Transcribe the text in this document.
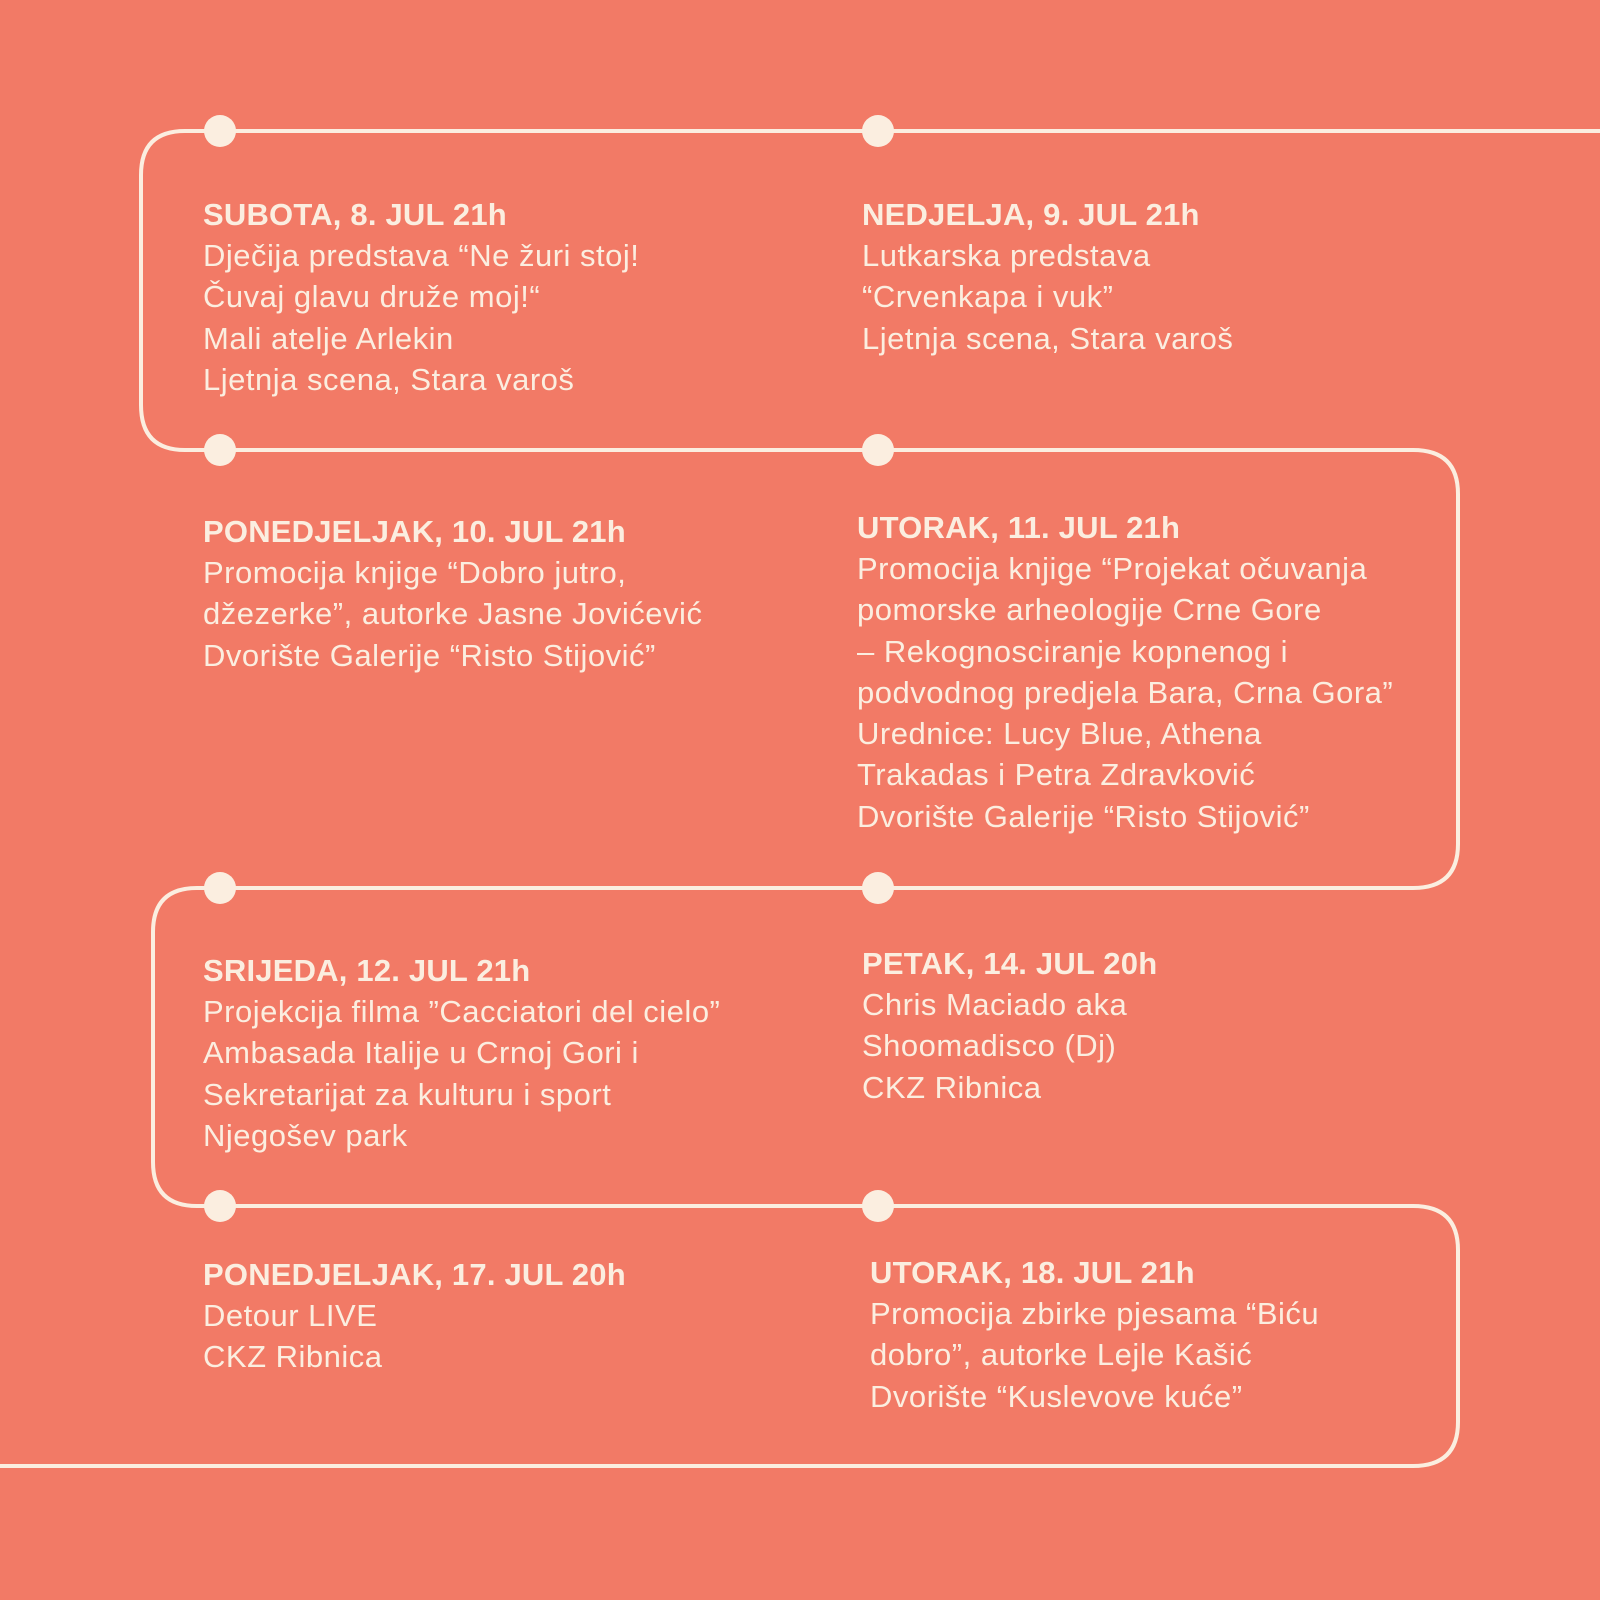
SUBOTA, 8. JUL 21h
Dječija predstava “Ne žuri stoj!
Čuvaj glavu druže moj!“
Mali atelje Arlekin
Ljetnja scena, Stara varoš
NEDJELJA, 9. JUL 21h
Lutkarska predstava
“Crvenkapa i vuk”
Ljetnja scena, Stara varoš
PONEDJELJAK, 10. JUL 21h
Promocija knjige “Dobro jutro,
džezerke”, autorke Jasne Jovićević
Dvorište Galerije “Risto Stijović”
UTORAK, 11. JUL 21h
Promocija knjige “Projekat očuvanja
pomorske arheologije Crne Gore
– Rekognosciranje kopnenog i
podvodnog predjela Bara, Crna Gora”
Urednice: Lucy Blue, Athena
Trakadas i Petra Zdravković
Dvorište Galerije “Risto Stijović”
SRIJEDA, 12. JUL 21h
Projekcija filma ”Cacciatori del cielo”
Ambasada Italije u Crnoj Gori i
Sekretarijat za kulturu i sport
Njegošev park
PETAK, 14. JUL 20h
Chris Maciado aka
Shoomadisco (Dj)
CKZ Ribnica
PONEDJELJAK, 17. JUL 20h
Detour LIVE
CKZ Ribnica
UTORAK, 18. JUL 21h
Promocija zbirke pjesama “Biću
dobro”, autorke Lejle Kašić
Dvorište “Kuslevove kuće”
